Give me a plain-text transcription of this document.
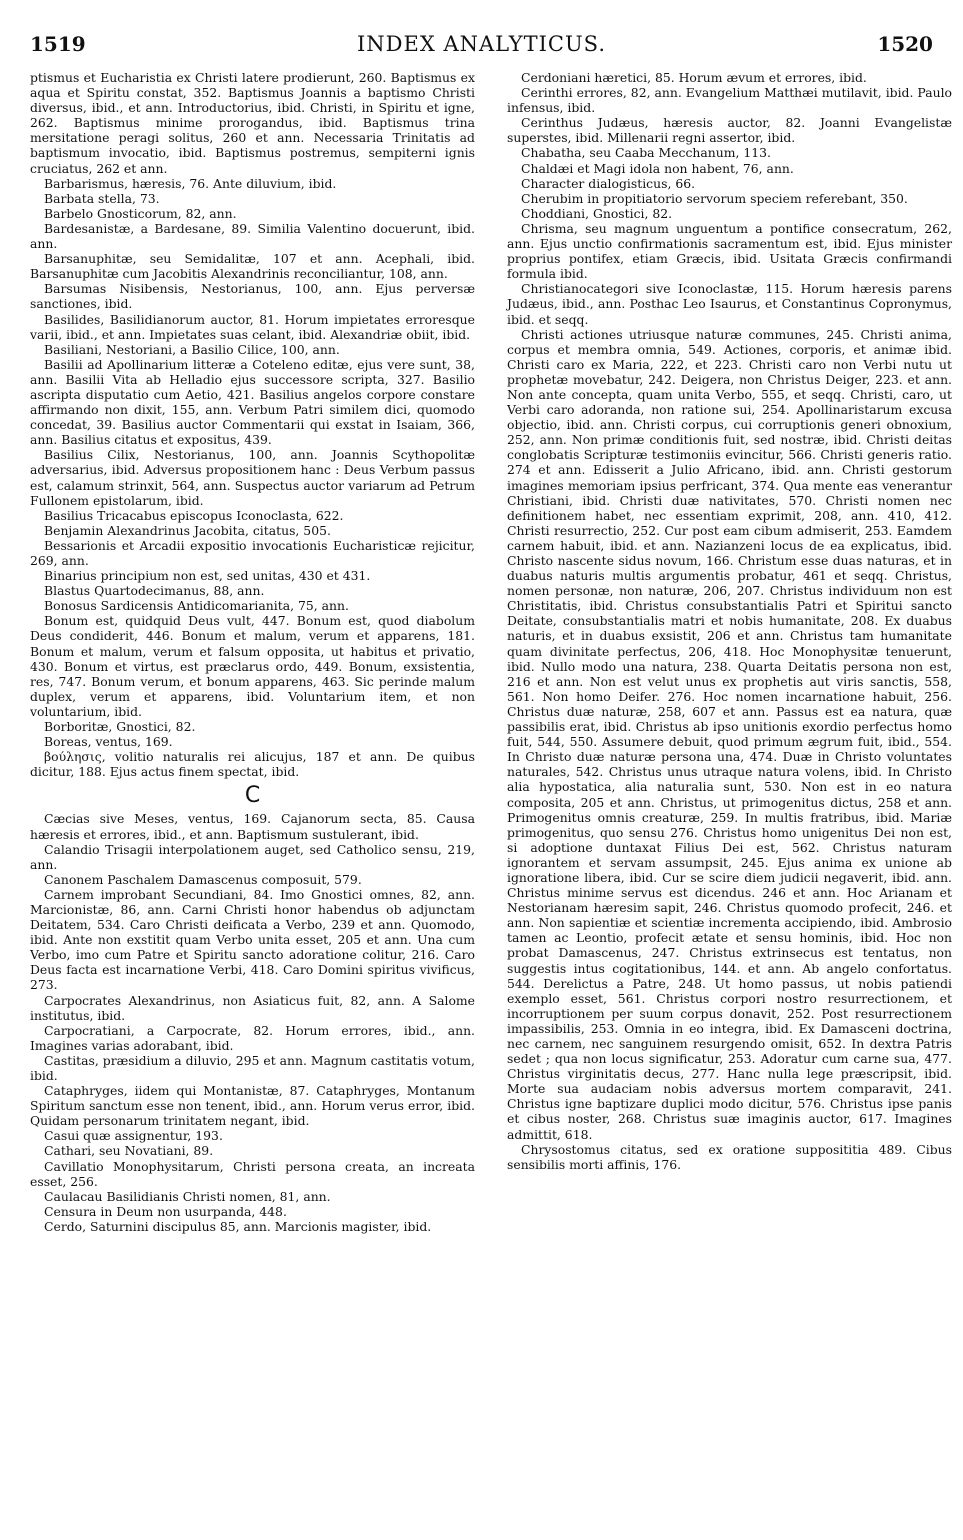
1519	INDEX ANALYTICUS.	1520

ptismus et Eucharistia ex Christi latere prodierunt, 260. Baptismus ex aqua et Spiritu constat, 352. Baptismus Joannis a baptismo Christi diversus, ibid., et ann. Introductorius, ibid. Christi, in Spiritu et igne, 262. Baptismus minime prorogandus, ibid. Baptismus trina mersitatione peragi solitus, 260 et ann. Necessaria Trinitatis ad baptismum invocatio, ibid. Baptismus postremus, sempiterni ignis cruciatus, 262 et ann.

Barbarismus, hæresis, 76. Ante diluvium, ibid.

Barbata stella, 73.

Barbelo Gnosticorum, 82, ann.

Bardesanistæ, a Bardesane, 89. Similia Valentino docuerunt, ibid. ann.

Barsanuphitæ, seu Semidalitæ, 107 et ann. Acephali, ibid. Barsanuphitæ cum Jacobitis Alexandrinis reconciliantur, 108, ann.

Barsumas Nisibensis, Nestorianus, 100, ann. Ejus perversæ sanctiones, ibid.

Basilides, Basilidianorum auctor, 81. Horum impietates erroresque varii, ibid., et ann. Impietates suas celant, ibid. Alexandriæ obiit, ibid.

Basiliani, Nestoriani, a Basilio Cilice, 100, ann.

Basilii ad Apollinarium litteræ a Coteleno editæ, ejus vere sunt, 38, ann. Basilii Vita ab Helladio ejus successore scripta, 327. Basilio ascripta disputatio cum Aetio, 421. Basilius angelos corpore constare affirmando non dixit, 155, ann. Verbum Patri similem dici, quomodo concedat, 39. Basilius auctor Commentarii qui exstat in Isaiam, 366, ann. Basilius citatus et expositus, 439.

Basilius Cilix, Nestorianus, 100, ann. Joannis Scythopolitæ adversarius, ibid. Adversus propositionem hanc : Deus Verbum passus est, calamum strinxit, 564, ann. Suspectus auctor variarum ad Petrum Fullonem epistolarum, ibid.

Basilius Tricacabus episcopus Iconoclasta, 622.

Benjamin Alexandrinus Jacobita, citatus, 505.

Bessarionis et Arcadii expositio invocationis Eucharisticæ rejicitur, 269, ann.

Binarius principium non est, sed unitas, 430 et 431.

Blastus Quartodecimanus, 88, ann.

Bonosus Sardicensis Antidicomarianita, 75, ann.

Bonum est, quidquid Deus vult, 447. Bonum est, quod diabolum Deus condiderit, 446. Bonum et malum, verum et apparens, 181. Bonum et malum, verum et falsum opposita, ut habitus et privatio, 430. Bonum et virtus, est præclarus ordo, 449. Bonum, exsistentia, res, 747. Bonum verum, et bonum apparens, 463. Sic perinde malum duplex, verum et apparens, ibid. Voluntarium item, et non voluntarium, ibid.

Borboritæ, Gnostici, 82.

Boreas, ventus, 169.

βούλησις, volitio naturalis rei alicujus, 187 et ann. De quibus dicitur, 188. Ejus actus finem spectat, ibid.

C

Cæcias sive Meses, ventus, 169. Cajanorum secta, 85. Causa hæresis et errores, ibid., et ann. Baptismum sustulerant, ibid.

Calandio Trisagii interpolationem auget, sed Catholico sensu, 219, ann.

Canonem Paschalem Damascenus composuit, 579.

Carnem improbant Secundiani, 84. Imo Gnostici omnes, 82, ann. Marcionistæ, 86, ann. Carni Christi honor habendus ob adjunctam Deitatem, 534. Caro Christi deificata a Verbo, 239 et ann. Quomodo, ibid. Ante non exstitit quam Verbo unita esset, 205 et ann. Una cum Verbo, imo cum Patre et Spiritu sancto adoratione colitur, 216. Caro Deus facta est incarnatione Verbi, 418. Caro Domini spiritus vivificus, 273.

Carpocrates Alexandrinus, non Asiaticus fuit, 82, ann. A Salome institutus, ibid.

Carpocratiani, a Carpocrate, 82. Horum errores, ibid., ann. Imagines varias adorabant, ibid.

Castitas, præsidium a diluvio, 295 et ann. Magnum castitatis votum, ibid.

Cataphryges, iidem qui Montanistæ, 87. Cataphryges, Montanum Spiritum sanctum esse non tenent, ibid., ann. Horum verus error, ibid. Quidam personarum trinitatem negant, ibid.

Casui quæ assignentur, 193.

Cathari, seu Novatiani, 89.

Cavillatio Monophysitarum, Christi persona creata, an increata esset, 256.

Caulacau Basilidianis Christi nomen, 81, ann.

Censura in Deum non usurpanda, 448.

Cerdo, Saturnini discipulus 85, ann. Marcionis magister, ibid.

Cerdoniani hæretici, 85. Horum ævum et errores, ibid.

Cerinthi errores, 82, ann. Evangelium Matthæi mutilavit, ibid. Paulo infensus, ibid.

Cerinthus Judæus, hæresis auctor, 82. Joanni Evangelistæ superstes, ibid. Millenarii regni assertor, ibid.

Chabatha, seu Caaba Mecchanum, 113.

Chaldæi et Magi idola non habent, 76, ann.

Character dialogisticus, 66.

Cherubim in propitiatorio servorum speciem referebant, 350.

Choddiani, Gnostici, 82.

Chrisma, seu magnum unguentum a pontifice consecratum, 262, ann. Ejus unctio confirmationis sacramentum est, ibid. Ejus minister proprius pontifex, etiam Græcis, ibid. Usitata Græcis confirmandi formula ibid.

Christianocategori sive Iconoclastæ, 115. Horum hæresis parens Judæus, ibid., ann. Posthac Leo Isaurus, et Constantinus Copronymus, ibid. et seqq.

Christi actiones utriusque naturæ communes, 245. Christi anima, corpus et membra omnia, 549. Actiones, corporis, et animæ ibid. Christi caro ex Maria, 222, et 223. Christi caro non Verbi nutu ut prophetæ movebatur, 242. Deigera, non Christus Deiger, 223. et ann. Non ante concepta, quam unita Verbo, 555, et seqq. Christi, caro, ut Verbi caro adoranda, non ratione sui, 254. Apollinaristarum excusa objectio, ibid. ann. Christi corpus, cui corruptionis generi obnoxium, 252, ann. Non primæ conditionis fuit, sed nostræ, ibid. Christi deitas conglobatis Scripturæ testimoniis evincitur, 566. Christi generis ratio. 274 et ann. Edisserit a Julio Africano, ibid. ann. Christi gestorum imagines memoriam ipsius perfricant, 374. Qua mente eas venerantur Christiani, ibid. Christi duæ nativitates, 570. Christi nomen nec definitionem habet, nec essentiam exprimit, 208, ann. 410, 412. Christi resurrectio, 252. Cur post eam cibum admiserit, 253. Eamdem carnem habuit, ibid. et ann. Nazianzeni locus de ea explicatus, ibid. Christo nascente sidus novum, 166. Christum esse duas naturas, et in duabus naturis multis argumentis probatur, 461 et seqq. Christus, nomen personæ, non naturæ, 206, 207. Christus individuum non est Christitatis, ibid. Christus consubstantialis Patri et Spiritui sancto Deitate, consubstantialis matri et nobis humanitate, 208. Ex duabus naturis, et in duabus exsistit, 206 et ann. Christus tam humanitate quam divinitate perfectus, 206, 418. Hoc Monophysitæ tenuerunt, ibid. Nullo modo una natura, 238. Quarta Deitatis persona non est, 216 et ann. Non est velut unus ex prophetis aut viris sanctis, 558, 561. Non homo Deifer. 276. Hoc nomen incarnatione habuit, 256. Christus duæ naturæ, 258, 607 et ann. Passus est ea natura, quæ passibilis erat, ibid. Christus ab ipso unitionis exordio perfectus homo fuit, 544, 550. Assumere debuit, quod primum ægrum fuit, ibid., 554. In Christo duæ naturæ persona una, 474. Duæ in Christo voluntates naturales, 542. Christus unus utraque natura volens, ibid. In Christo alia hypostatica, alia naturalia sunt, 530. Non est in eo natura composita, 205 et ann. Christus, ut primogenitus dictus, 258 et ann. Primogenitus omnis creaturæ, 259. In multis fratribus, ibid. Mariæ primogenitus, quo sensu 276. Christus homo unigenitus Dei non est, si adoptione duntaxat Filius Dei est, 562. Christus naturam ignorantem et servam assumpsit, 245. Ejus anima ex unione ab ignoratione libera, ibid. Cur se scire diem judicii negaverit, ibid. ann. Christus minime servus est dicendus. 246 et ann. Hoc Arianam et Nestorianam hæresim sapit, 246. Christus quomodo profecit, 246. et ann. Non sapientiæ et scientiæ incrementa accipiendo, ibid. Ambrosio tamen ac Leontio, profecit ætate et sensu hominis, ibid. Hoc non probat Damascenus, 247. Christus extrinsecus est tentatus, non suggestis intus cogitationibus, 144. et ann. Ab angelo confortatus. 544. Derelictus a Patre, 248. Ut homo passus, ut nobis patiendi exemplo esset, 561. Christus corpori nostro resurrectionem, et incorruptionem per suum corpus donavit, 252. Post resurrectionem impassibilis, 253. Omnia in eo integra, ibid. Ex Damasceni doctrina, nec carnem, nec sanguinem resurgendo omisit, 652. In dextra Patris sedet ; qua non locus significatur, 253. Adoratur cum carne sua, 477. Christus virginitatis decus, 277. Hanc nulla lege præscripsit, ibid. Morte sua audaciam nobis adversus mortem comparavit, 241. Christus igne baptizare duplici modo dicitur, 576. Christus ipse panis et cibus noster, 268. Christus suæ imaginis auctor, 617. Imagines admittit, 618.

Chrysostomus citatus, sed ex oratione supposititia 489. Cibus sensibilis morti affinis, 176.
